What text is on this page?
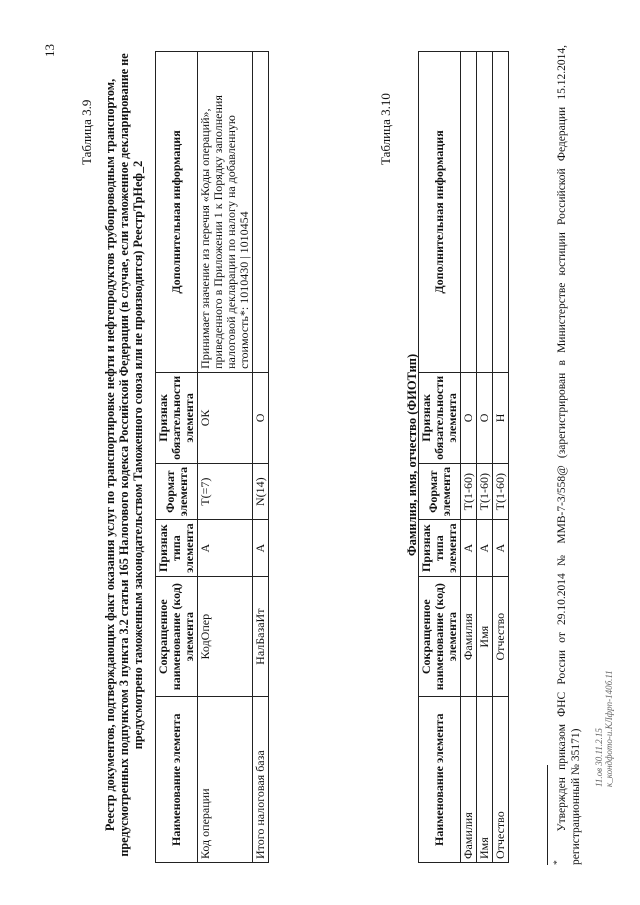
13
Таблица 3.9 Реестр документов, подтверждающих факт оказания услуг по транспортировке нефти и нефтепродуктов трубопроводным транспортом, предусмотренных подпунктом 3 пункта 3.2 статьи 165 Налогового кодекса Российской Федерации (в случае, если таможенное декларирование не предусмотрено таможенным законодательством Таможенного союза или не производится) РеестрТрНеф_2
Наименование элемента	Сокращенное наименование (код) элемента	Признак типа элемента	Формат элемента	Признак обязательности элемента	Дополнительная информация
Код операции	КодОпер	А	T(=7)	ОК	Принимает значение из перечня «Коды операций», приведенного в Приложении 1 к Порядку заполнения налоговой декларации по налогу на добавленную стоимость*: 1010430 | 1010454
Итого налоговая база	НалБазаИт	А	N(14)	О	
Таблица 3.10
Фамилия, имя, отчество (ФИОТип)
Наименование элемента	Сокращенное наименование (код) элемента	Признак типа элемента	Формат элемента	Признак обязательности элемента	Дополнительная информация
Фамилия	Фамилия	А	T(1-60)	О	
Имя	Имя	А	T(1-60)	О	
Отчество	Отчество	А	T(1-60)	Н	
*    Утвержден приказом ФНС России от 29.10.2014 № ММВ-7-3/558@ (зарегистрирован в Министерстве юстиции Российской Федерации 15.12.2014, регистрационный № 35171) 11.ов 30.11.2.15 к_кондфото-и.КЛфрп-140б.11
